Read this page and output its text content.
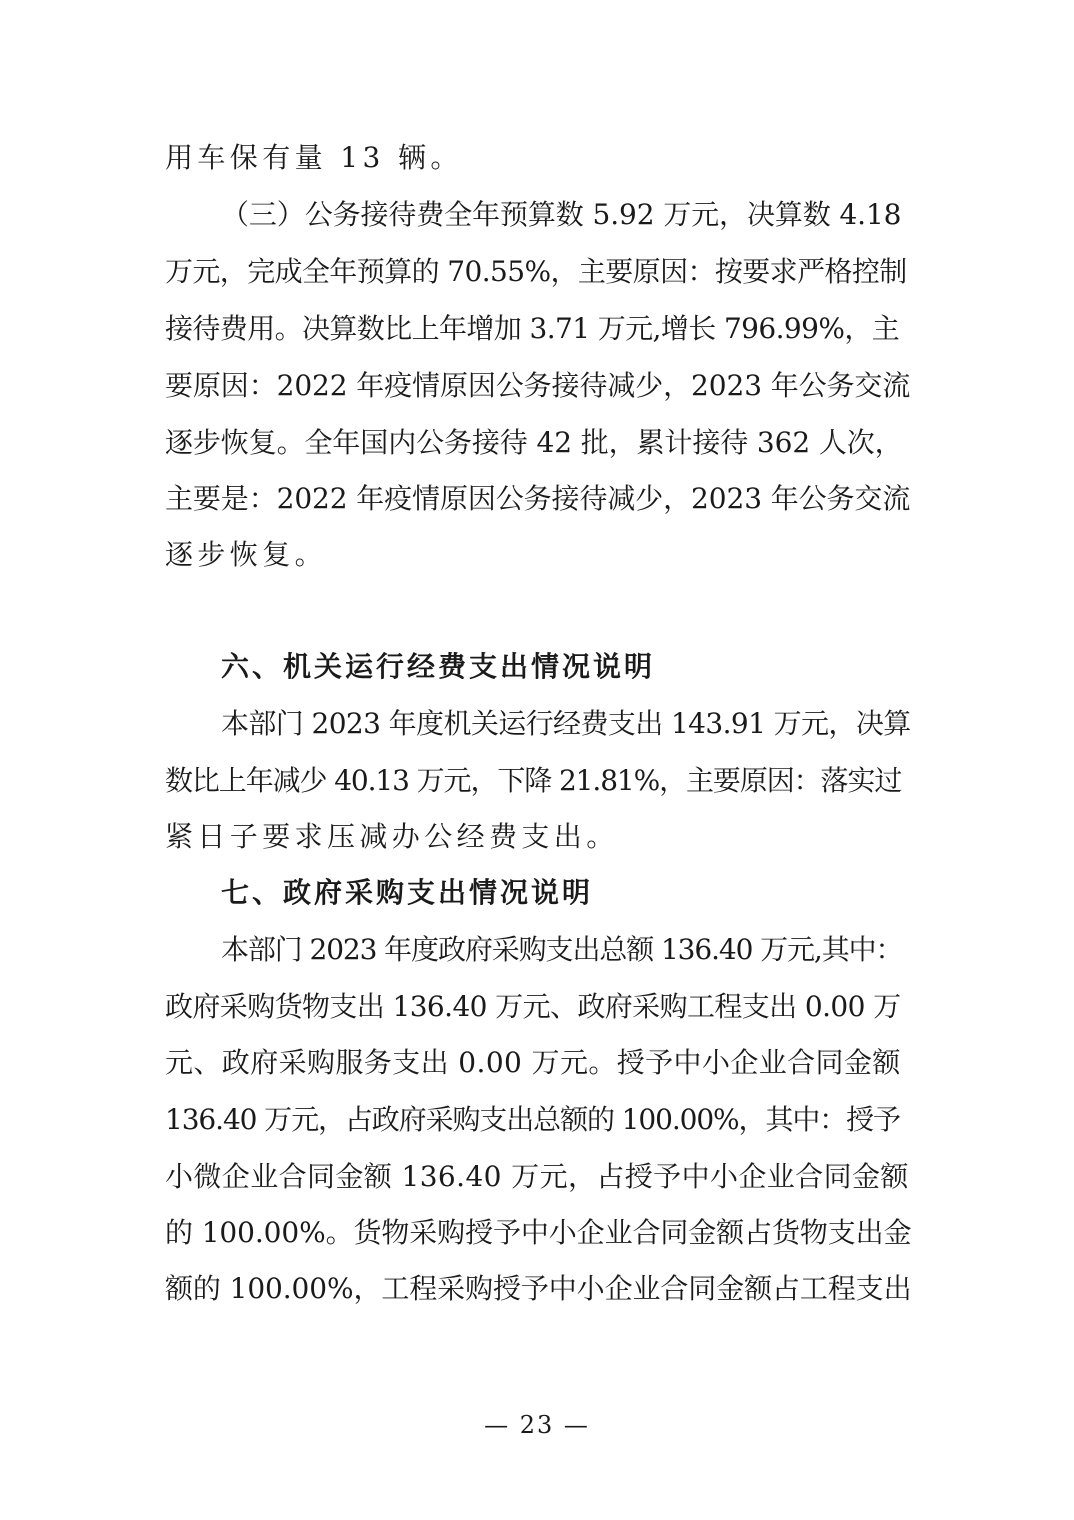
用车保有量 13 辆。
（三）公务接待费全年预算数 5.92 万元，决算数 4.18
万元，完成全年预算的 70.55%，主要原因：按要求严格控制
接待费用。决算数比上年增加 3.71 万元,增长 796.99%，主
要原因：2022 年疫情原因公务接待减少，2023 年公务交流
逐步恢复。全年国内公务接待 42 批，累计接待 362 人次，
主要是：2022 年疫情原因公务接待减少，2023 年公务交流
逐步恢复。
六、机关运行经费支出情况说明
本部门 2023 年度机关运行经费支出 143.91 万元，决算
数比上年减少 40.13 万元，下降 21.81%，主要原因：落实过
紧日子要求压减办公经费支出。
七、政府采购支出情况说明
本部门 2023 年度政府采购支出总额 136.40 万元,其中：
政府采购货物支出 136.40 万元、政府采购工程支出 0.00 万
元、政府采购服务支出 0.00 万元。授予中小企业合同金额
136.40 万元，占政府采购支出总额的 100.00%，其中：授予
小微企业合同金额 136.40 万元，占授予中小企业合同金额
的 100.00%。货物采购授予中小企业合同金额占货物支出金
额的 100.00%，工程采购授予中小企业合同金额占工程支出
— 23 —
